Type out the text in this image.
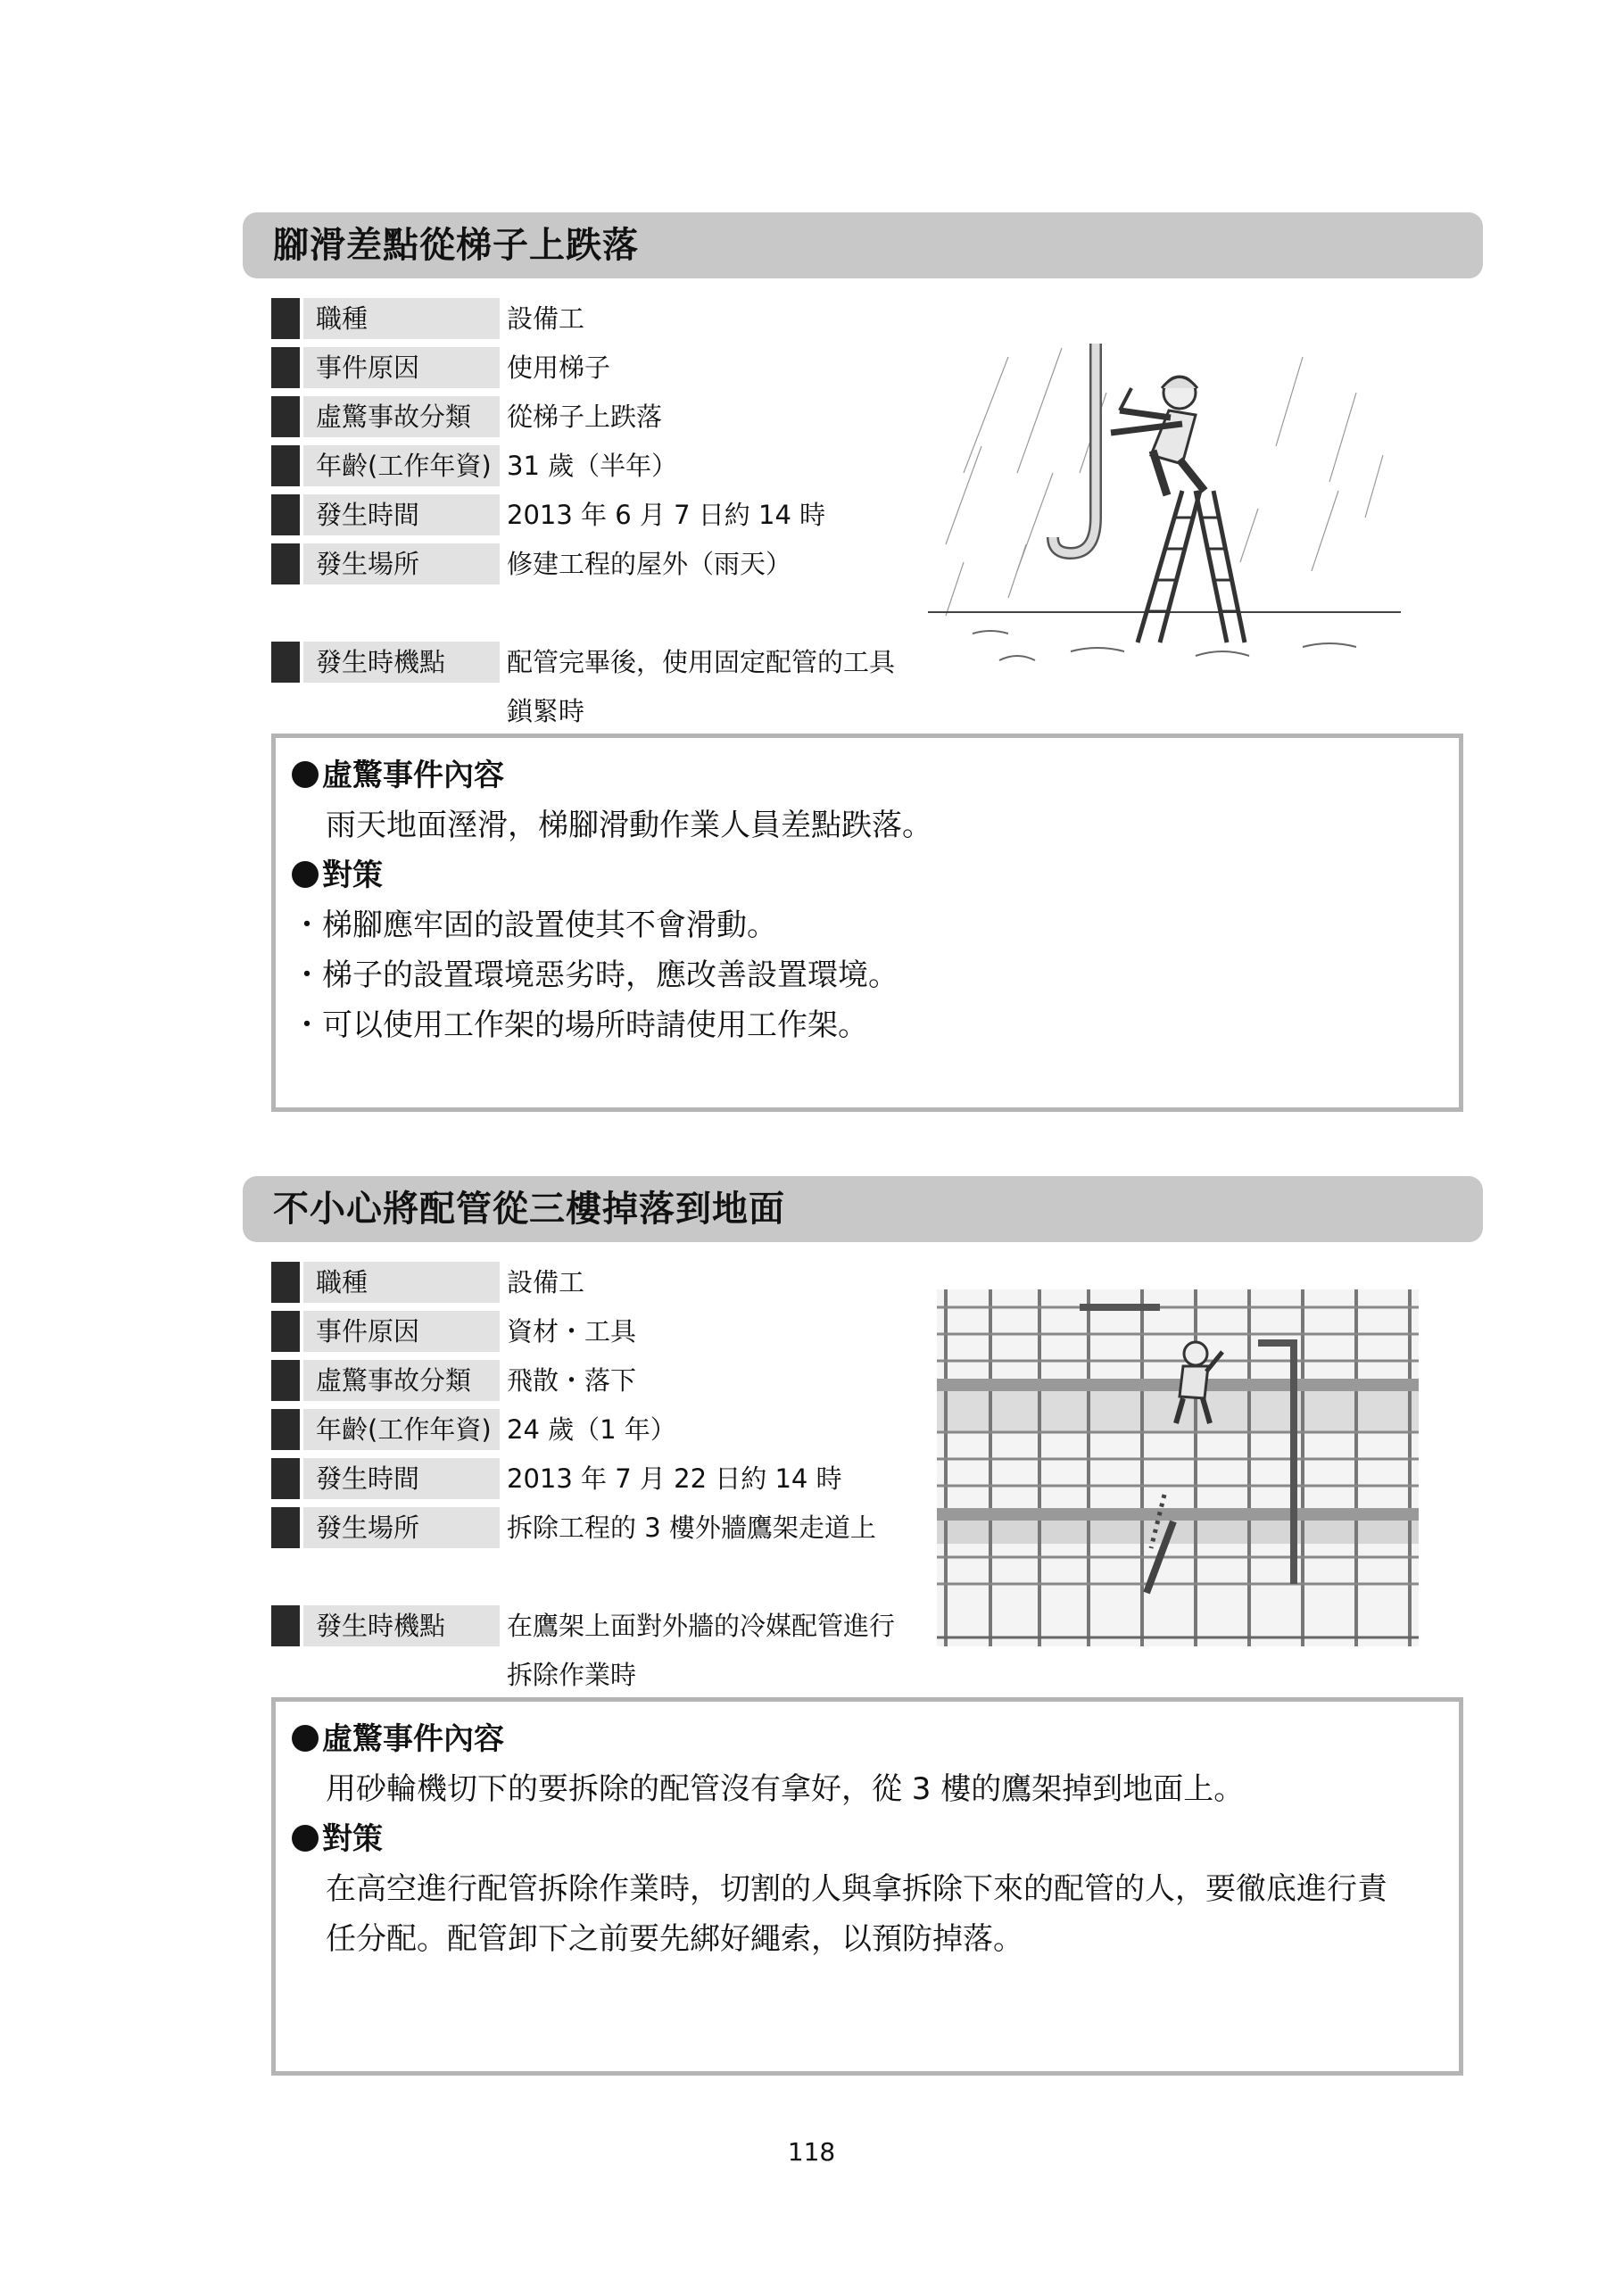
腳滑差點從梯子上跌落
職種	設備工
事件原因	使用梯子
虛驚事故分類	從梯子上跌落
年齡(工作年資) 31 歲（半年）
發生時間	2013 年 6 月 7 日約 14 時
發生場所	修建工程的屋外（雨天）
發生時機點	配管完畢後，使用固定配管的工具鎖緊時

虛驚事件內容

雨天地面溼滑，梯腳滑動作業人員差點跌落。

對策

・梯腳應牢固的設置使其不會滑動。

・梯子的設置環境惡劣時，應改善設置環境。

・可以使用工作架的場所時請使用工作架。

不小心將配管從三樓掉落到地面
職種	設備工
事件原因	資材・工具
虛驚事故分類	飛散・落下
年齡(工作年資) 24 歲（1 年）
發生時間	2013 年 7 月 22 日約 14 時
發生場所	拆除工程的 3 樓外牆鷹架走道上
發生時機點	在鷹架上面對外牆的冷媒配管進行拆除作業時

虛驚事件內容

用砂輪機切下的要拆除的配管沒有拿好，從 3 樓的鷹架掉到地面上。

對策

在高空進行配管拆除作業時，切割的人與拿拆除下來的配管的人，要徹底進行責任分配。配管卸下之前要先綁好繩索，以預防掉落。

118
